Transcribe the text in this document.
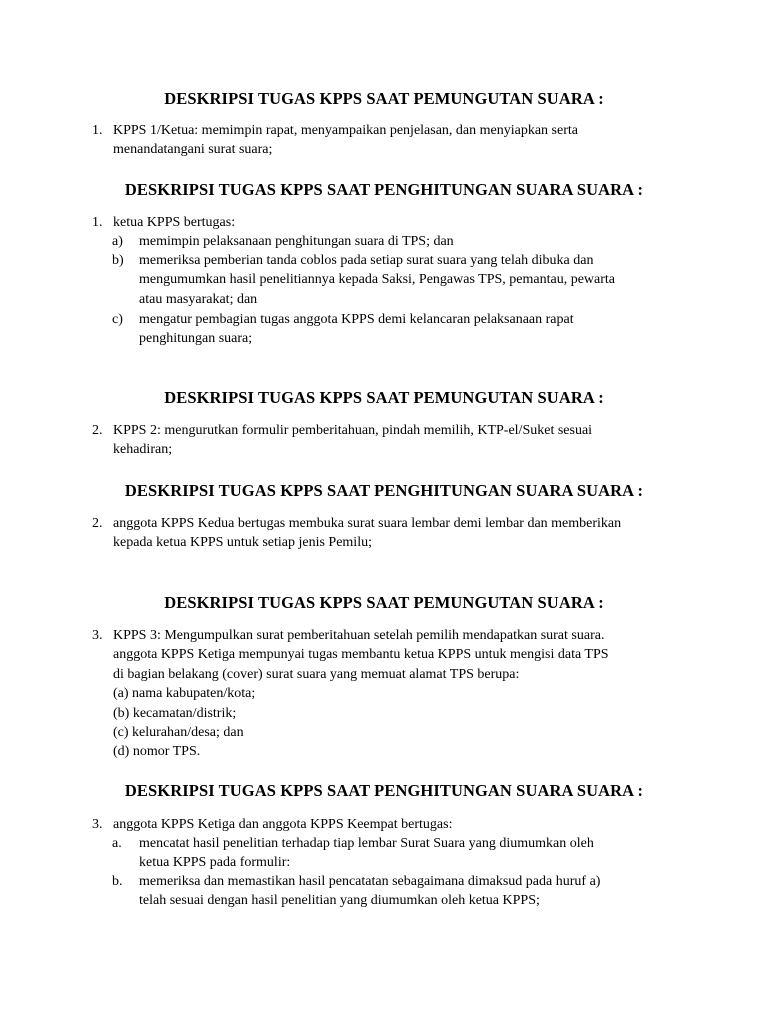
DESKRIPSI TUGAS KPPS SAAT PEMUNGUTAN SUARA :
1. KPPS 1/Ketua: memimpin rapat, menyampaikan penjelasan, dan menyiapkan serta
menandatangani surat suara;
DESKRIPSI TUGAS KPPS SAAT PENGHITUNGAN SUARA SUARA :
1. ketua KPPS bertugas:
a)	memimpin pelaksanaan penghitungan suara di TPS; dan
b)	memeriksa pemberian tanda coblos pada setiap surat suara yang telah dibuka dan
mengumumkan hasil penelitiannya kepada Saksi, Pengawas TPS, pemantau, pewarta
atau masyarakat; dan
c)	mengatur pembagian tugas anggota KPPS demi kelancaran pelaksanaan rapat
penghitungan suara;
DESKRIPSI TUGAS KPPS SAAT PEMUNGUTAN SUARA :
2. KPPS 2: mengurutkan formulir pemberitahuan, pindah memilih, KTP-el/Suket sesuai
kehadiran;
DESKRIPSI TUGAS KPPS SAAT PENGHITUNGAN SUARA SUARA :
2. anggota KPPS Kedua bertugas membuka surat suara lembar demi lembar dan memberikan
kepada ketua KPPS untuk setiap jenis Pemilu;
DESKRIPSI TUGAS KPPS SAAT PEMUNGUTAN SUARA :
3. KPPS 3: Mengumpulkan surat pemberitahuan setelah pemilih mendapatkan surat suara.
anggota KPPS Ketiga mempunyai tugas membantu ketua KPPS untuk mengisi data TPS
di bagian belakang (cover) surat suara yang memuat alamat TPS berupa:
(a) nama kabupaten/kota;
(b) kecamatan/distrik;
(c) kelurahan/desa; dan
(d) nomor TPS.
DESKRIPSI TUGAS KPPS SAAT PENGHITUNGAN SUARA SUARA :
3. anggota KPPS Ketiga dan anggota KPPS Keempat bertugas:
a.	mencatat hasil penelitian terhadap tiap lembar Surat Suara yang diumumkan oleh
ketua KPPS pada formulir:
b.	memeriksa dan memastikan hasil pencatatan sebagaimana dimaksud pada huruf a)
telah sesuai dengan hasil penelitian yang diumumkan oleh ketua KPPS;
